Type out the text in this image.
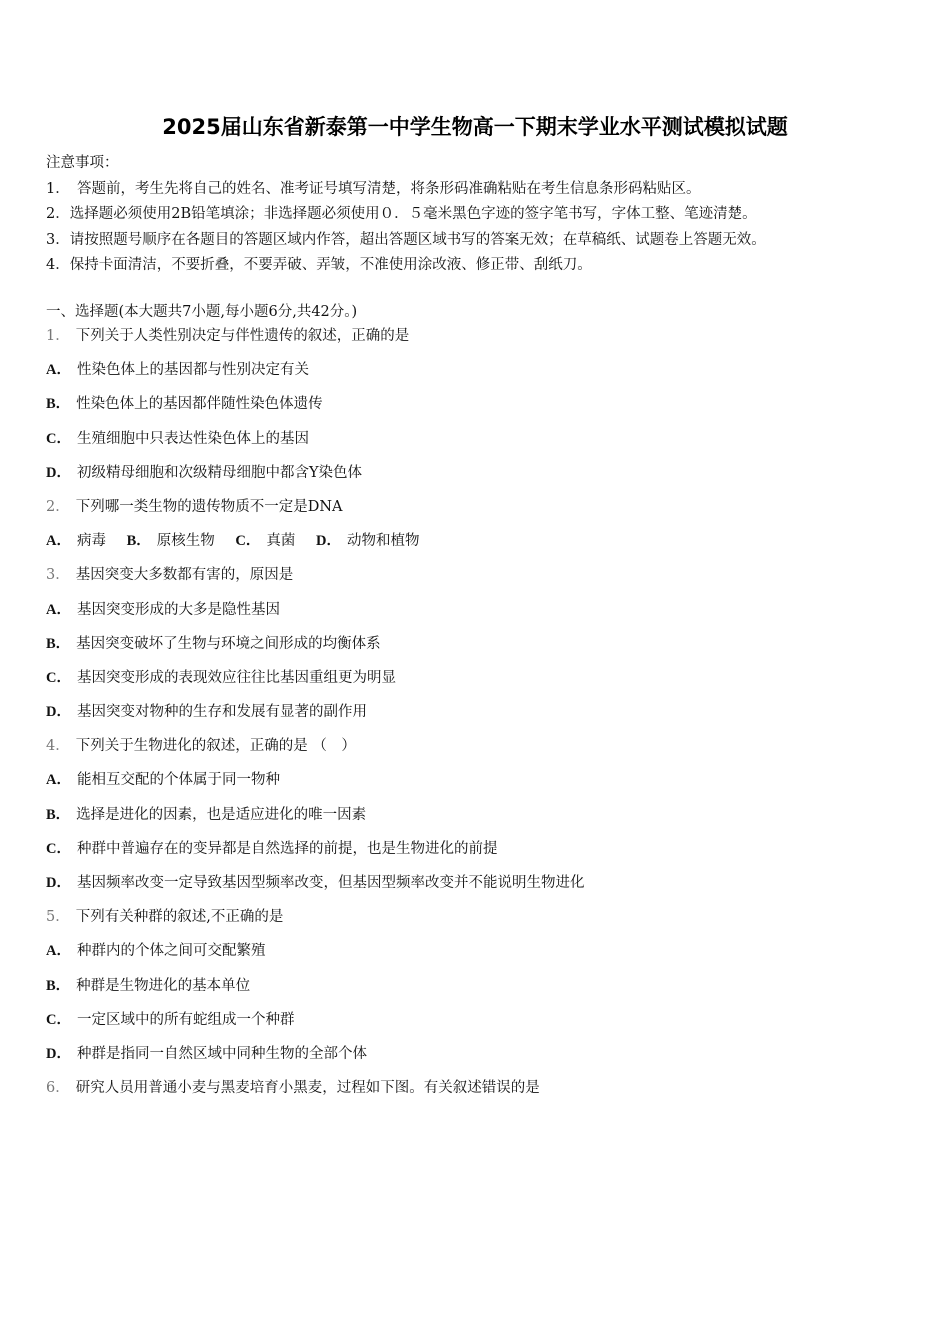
2025届山东省新泰第一中学生物高一下期末学业水平测试模拟试题
注意事项：
1．　答题前，考生先将自己的姓名、准考证号填写清楚，将条形码准确粘贴在考生信息条形码粘贴区。
2．选择题必须使用2B铅笔填涂；非选择题必须使用０．５毫米黑色字迹的签字笔书写，字体工整、笔迹清楚。
3．请按照题号顺序在各题目的答题区域内作答，超出答题区域书写的答案无效；在草稿纸、试题卷上答题无效。
4．保持卡面清洁，不要折叠，不要弄破、弄皱，不准使用涂改液、修正带、刮纸刀。
一、选择题(本大题共7小题,每小题6分,共42分。)
1． 下列关于人类性别决定与伴性遗传的叙述，正确的是
A． 性染色体上的基因都与性别决定有关
B． 性染色体上的基因都伴随性染色体遗传
C． 生殖细胞中只表达性染色体上的基因
D． 初级精母细胞和次级精母细胞中都含Y染色体
2． 下列哪一类生物的遗传物质不一定是DNA
A． 病毒 B． 原核生物 C． 真菌 D． 动物和植物
3． 基因突变大多数都有害的，原因是
A． 基因突变形成的大多是隐性基因
B． 基因突变破坏了生物与环境之间形成的均衡体系
C． 基因突变形成的表现效应往往比基因重组更为明显
D． 基因突变对物种的生存和发展有显著的副作用
4． 下列关于生物进化的叙述，正确的是 （　）
A． 能相互交配的个体属于同一物种
B． 选择是进化的因素，也是适应进化的唯一因素
C． 种群中普遍存在的变异都是自然选择的前提，也是生物进化的前提
D． 基因频率改变一定导致基因型频率改变，但基因型频率改变并不能说明生物进化
5． 下列有关种群的叙述,不正确的是
A． 种群内的个体之间可交配繁殖
B． 种群是生物进化的基本单位
C． 一定区域中的所有蛇组成一个种群
D． 种群是指同一自然区域中同种生物的全部个体
6． 研究人员用普通小麦与黑麦培育小黑麦，过程如下图。有关叙述错误的是
